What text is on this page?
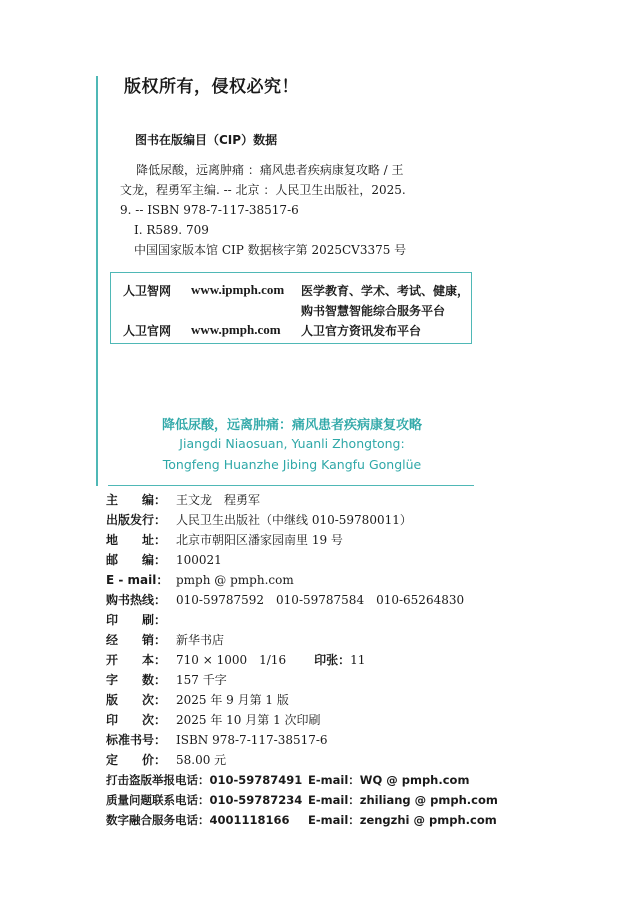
版权所有，侵权必究！
图书在版编目（CIP）数据
降低尿酸，远离肿痛 ：痛风患者疾病康复攻略 / 王
文龙，程勇军主编. -- 北京 ：人民卫生出版社，2025.
9. -- ISBN 978-7-117-38517-6
Ⅰ. R589. 709
中国国家版本馆 CIP 数据核字第 2025CV3375 号
人卫智网 www.ipmph.com 医学教育、学术、考试、健康，
购书智慧智能综合服务平台
人卫官网 www.pmph.com 人卫官方资讯发布平台
降低尿酸，远离肿痛：痛风患者疾病康复攻略
Jiangdi Niaosuan, Yuanli Zhongtong:
Tongfeng Huanzhe Jibing Kangfu Gonglüe
主　　编： 王文龙　程勇军
出版发行： 人民卫生出版社（中继线 010-59780011）
地　　址： 北京市朝阳区潘家园南里 19 号
邮　　编： 100021
E - mail： pmph @ pmph.com
购书热线： 010-59787592　010-59787584　010-65264830
印　　刷：
经　　销： 新华书店
开　　本： 710 × 1000　1/16 印张： 11
字　　数： 157 千字
版　　次： 2025 年 9 月第 1 版
印　　次： 2025 年 10 月第 1 次印刷
标准书号： ISBN 978-7-117-38517-6
定　　价： 58.00 元
打击盗版举报电话：010-59787491 E-mail：WQ @ pmph.com
质量问题联系电话：010-59787234 E-mail：zhiliang @ pmph.com
数字融合服务电话：4001118166 E-mail：zengzhi @ pmph.com
